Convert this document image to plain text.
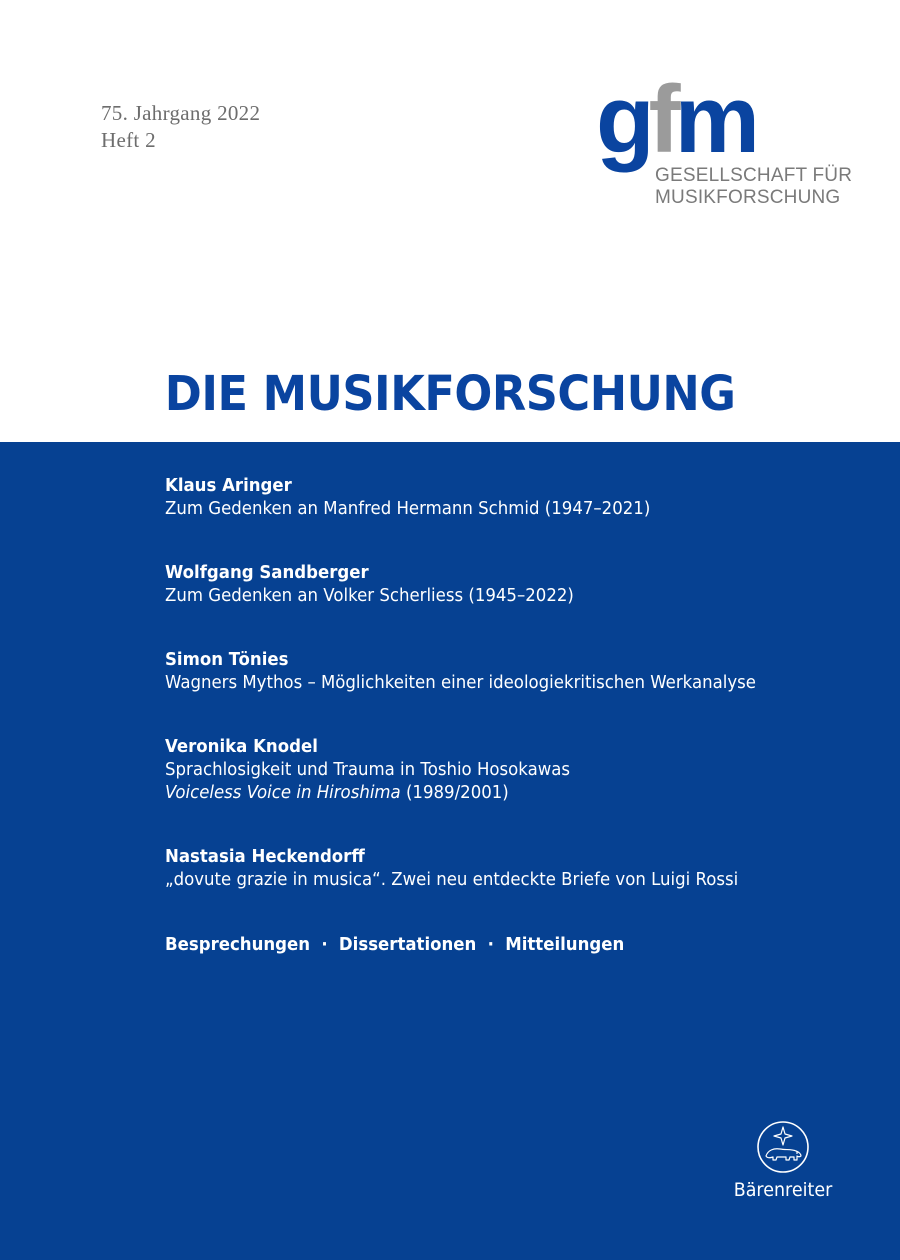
75. Jahrgang 2022
Heft 2	gfm
GESELLSCHAFT FÜR
MUSIKFORSCHUNG
DIE MUSIKFORSCHUNG
Klaus Aringer
Zum Gedenken an Manfred Hermann Schmid (1947–2021)
Wolfgang Sandberger
Zum Gedenken an Volker Scherliess (1945–2022)
Simon Tönies
Wagners Mythos – Möglichkeiten einer ideologiekritischen Werkanalyse
Veronika Knodel
Sprachlosigkeit und Trauma in Toshio Hosokawas
Voiceless Voice in Hiroshima (1989/2001)
Nastasia Heckendorff
„dovute grazie in musica“. Zwei neu entdeckte Briefe von Luigi Rossi
Besprechungen · Dissertationen · Mitteilungen
Bärenreiter
